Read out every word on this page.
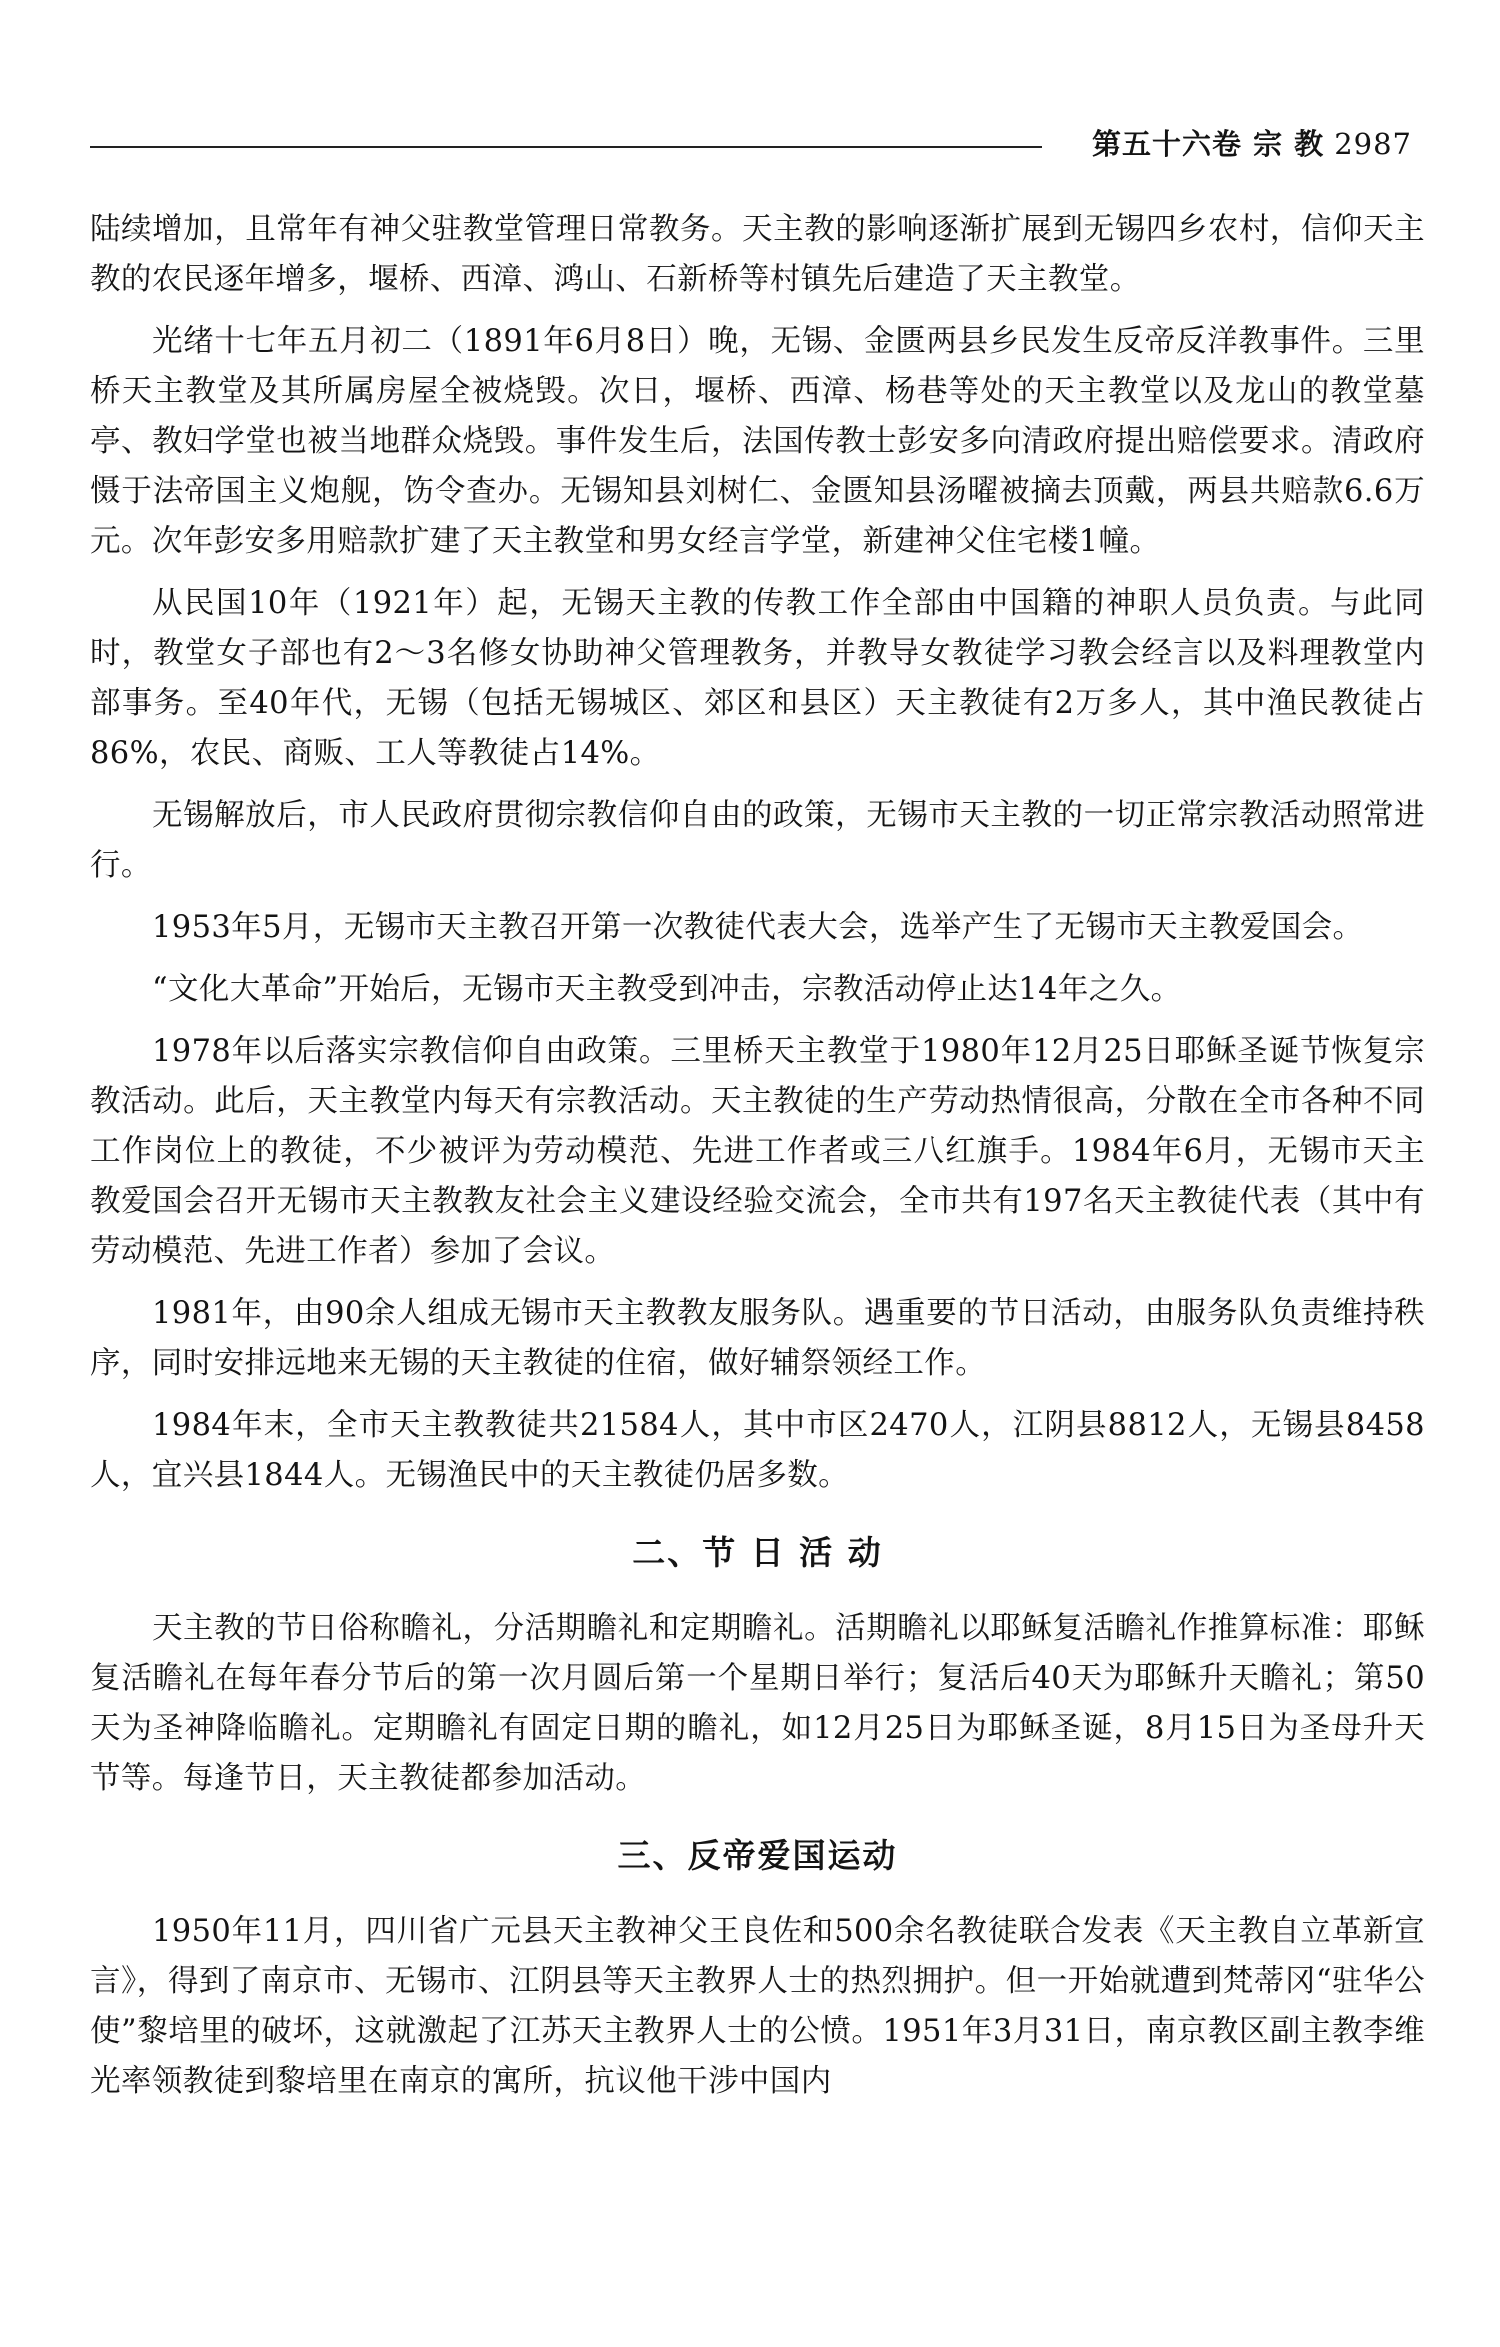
第五十六卷 宗 教 2987

陆续增加，且常年有神父驻教堂管理日常教务。天主教的影响逐渐扩展到无锡四乡农村，信仰天主教的农民逐年增多，堰桥、西漳、鸿山、石新桥等村镇先后建造了天主教堂。

光绪十七年五月初二（1891年6月8日）晚，无锡、金匮两县乡民发生反帝反洋教事件。三里桥天主教堂及其所属房屋全被烧毁。次日，堰桥、西漳、杨巷等处的天主教堂以及龙山的教堂墓亭、教妇学堂也被当地群众烧毁。事件发生后，法国传教士彭安多向清政府提出赔偿要求。清政府慑于法帝国主义炮舰，饬令查办。无锡知县刘树仁、金匮知县汤曜被摘去顶戴，两县共赔款6.6万元。次年彭安多用赔款扩建了天主教堂和男女经言学堂，新建神父住宅楼1幢。

从民国10年（1921年）起，无锡天主教的传教工作全部由中国籍的神职人员负责。与此同时，教堂女子部也有2～3名修女协助神父管理教务，并教导女教徒学习教会经言以及料理教堂内部事务。至40年代，无锡（包括无锡城区、郊区和县区）天主教徒有2万多人，其中渔民教徒占86%，农民、商贩、工人等教徒占14%。

无锡解放后，市人民政府贯彻宗教信仰自由的政策，无锡市天主教的一切正常宗教活动照常进行。

1953年5月，无锡市天主教召开第一次教徒代表大会，选举产生了无锡市天主教爱国会。

“文化大革命”开始后，无锡市天主教受到冲击，宗教活动停止达14年之久。

1978年以后落实宗教信仰自由政策。三里桥天主教堂于1980年12月25日耶稣圣诞节恢复宗教活动。此后，天主教堂内每天有宗教活动。天主教徒的生产劳动热情很高，分散在全市各种不同工作岗位上的教徒，不少被评为劳动模范、先进工作者或三八红旗手。1984年6月，无锡市天主教爱国会召开无锡市天主教教友社会主义建设经验交流会，全市共有197名天主教徒代表（其中有劳动模范、先进工作者）参加了会议。

1981年，由90余人组成无锡市天主教教友服务队。遇重要的节日活动，由服务队负责维持秩序，同时安排远地来无锡的天主教徒的住宿，做好辅祭领经工作。

1984年末，全市天主教教徒共21584人，其中市区2470人，江阴县8812人，无锡县8458人，宜兴县1844人。无锡渔民中的天主教徒仍居多数。

二、节 日 活 动

天主教的节日俗称瞻礼，分活期瞻礼和定期瞻礼。活期瞻礼以耶稣复活瞻礼作推算标准：耶稣复活瞻礼在每年春分节后的第一次月圆后第一个星期日举行；复活后40天为耶稣升天瞻礼；第50天为圣神降临瞻礼。定期瞻礼有固定日期的瞻礼，如12月25日为耶稣圣诞，8月15日为圣母升天节等。每逢节日，天主教徒都参加活动。

三、反帝爱国运动

1950年11月，四川省广元县天主教神父王良佐和500余名教徒联合发表《天主教自立革新宣言》，得到了南京市、无锡市、江阴县等天主教界人士的热烈拥护。但一开始就遭到梵蒂冈“驻华公使”黎培里的破坏，这就激起了江苏天主教界人士的公愤。1951年3月31日，南京教区副主教李维光率领教徒到黎培里在南京的寓所，抗议他干涉中国内
